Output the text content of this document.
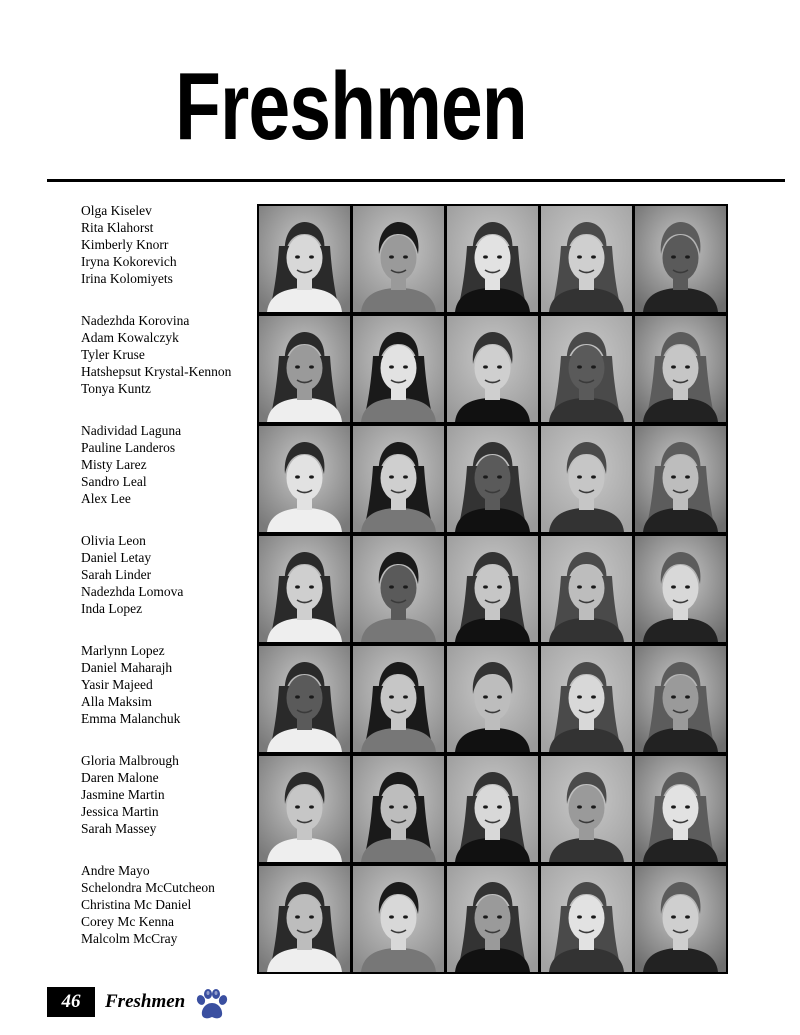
Freshmen
Olga Kiselev
Rita Klahorst
Kimberly Knorr
Iryna Kokorevich
Irina Kolomiyets
Nadezhda Korovina
Adam Kowalczyk
Tyler Kruse
Hatshepsut Krystal-Kennon
Tonya Kuntz
Nadividad Laguna
Pauline Landeros
Misty Larez
Sandro Leal
Alex Lee
Olivia Leon
Daniel Letay
Sarah Linder
Nadezhda Lomova
Inda Lopez
Marlynn Lopez
Daniel Maharajh
Yasir Majeed
Alla Maksim
Emma Malanchuk
Gloria Malbrough
Daren Malone
Jasmine Martin
Jessica Martin
Sarah Massey
Andre Mayo
Schelondra McCutcheon
Christina Mc Daniel
Corey Mc Kenna
Malcolm McCray
46	Freshmen
